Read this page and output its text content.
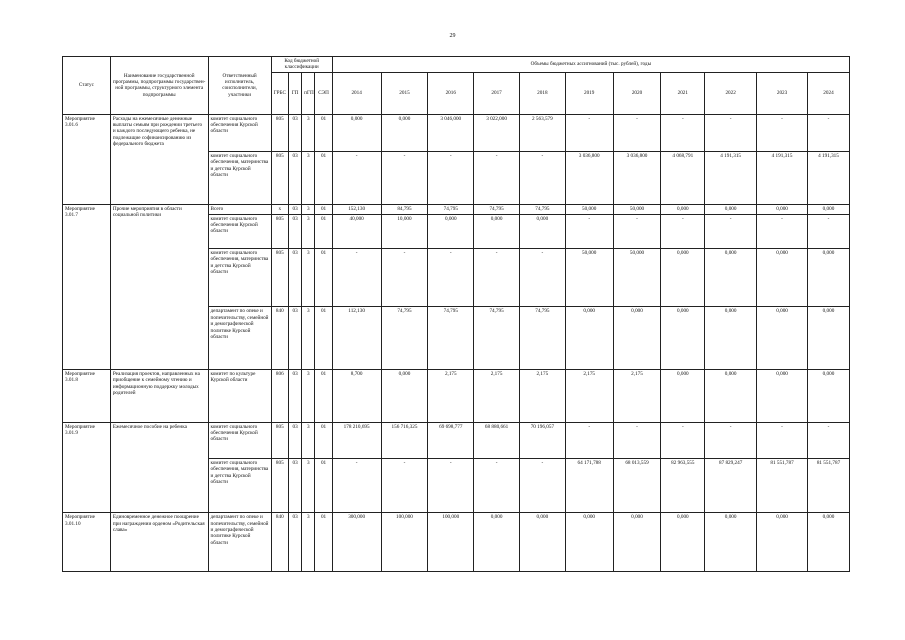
29
Статус	Наименование государственной программы, подпрограммы государствен- ной программы, структурного элемента подпрограммы	Ответственный исполнитель, соисполнители, участники	Код бюджетной классификации				Объемы бюджетных ассигнований (тыс. рублей), годы										
			ГРБС	ГП	пГП	СЭП	2014	2015	2016	2017	2018	2019	2020	2021	2022	2023	2024
Мероприятие 3.01.6	Расходы на ежемесячные денежные выплаты семьям при рождении третьего и каждого последующего ребенка, не подлежащие софинансированию из федерального бюджета	комитет социального обеспечения Курской области	805	03	3	01	0,000	0,000	3 046,000	3 022,000	2 563,579	-	-	-	-	-	-
		комитет социального обеспечения, материнства и детства Курской области	805	03	3	01	-	-	-	-	-	3 036,800	3 036,800	4 068,791	4 191,315	4 191,315	4 191,315
Мероприятие 3.01.7	Прочие мероприятия в области социальной политики	Всего	х	03	3	01	152,130	84,795	74,795	74,795	74,795	50,000	50,000	0,000	0,000	0,000	0,000
		комитет социального обеспечения Курской области	805	03	3	01	40,000	10,000	0,000	0,000	0,000	-	-	-	-	-	-
		комитет социального обеспечения, материнства и детства Курской области	805	03	3	01	-	-	-	-	-	50,000	50,000	0,000	0,000	0,000	0,000
		департамент по опеке и попечительству, семейной и демографической политике Курской области	840	03	3	01	112,130	74,795	74,795	74,795	74,795	0,000	0,000	0,000	0,000	0,000	0,000
Мероприятие 3.01.8	Реализация проектов, направленных на приобщение к семейному чтению и информационную поддержку молодых родителей	комитет по культуре Курской области	806	03	3	01	8,700	0,000	2,175	2,175	2,175	2,175	2,175	0,000	0,000	0,000	0,000
Мероприятие 3.01.9	Ежемесячное пособие на ребенка	комитет социального обеспечения Курской области	805	03	3	01	178 210,695	156 716,325	69 698,777	68 880,661	70 196,057	-	-	-	-	-	-
		комитет социального обеспечения, материнства и детства Курской области	805	03	3	01	-	-	-	-	-	64 171,788	68 013,559	82 963,555	87 829,247	81 551,787	81 551,787
Мероприятие 3.01.10	Единовременное денежное поощрение при награждении орденом «Родительская слава»	департамент по опеке и попечительству, семейной и демографической политике Курской области	840	03	3	01	300,000	100,000	100,000	0,000	0,000	0,000	0,000	0,000	0,000	0,000	0,000
